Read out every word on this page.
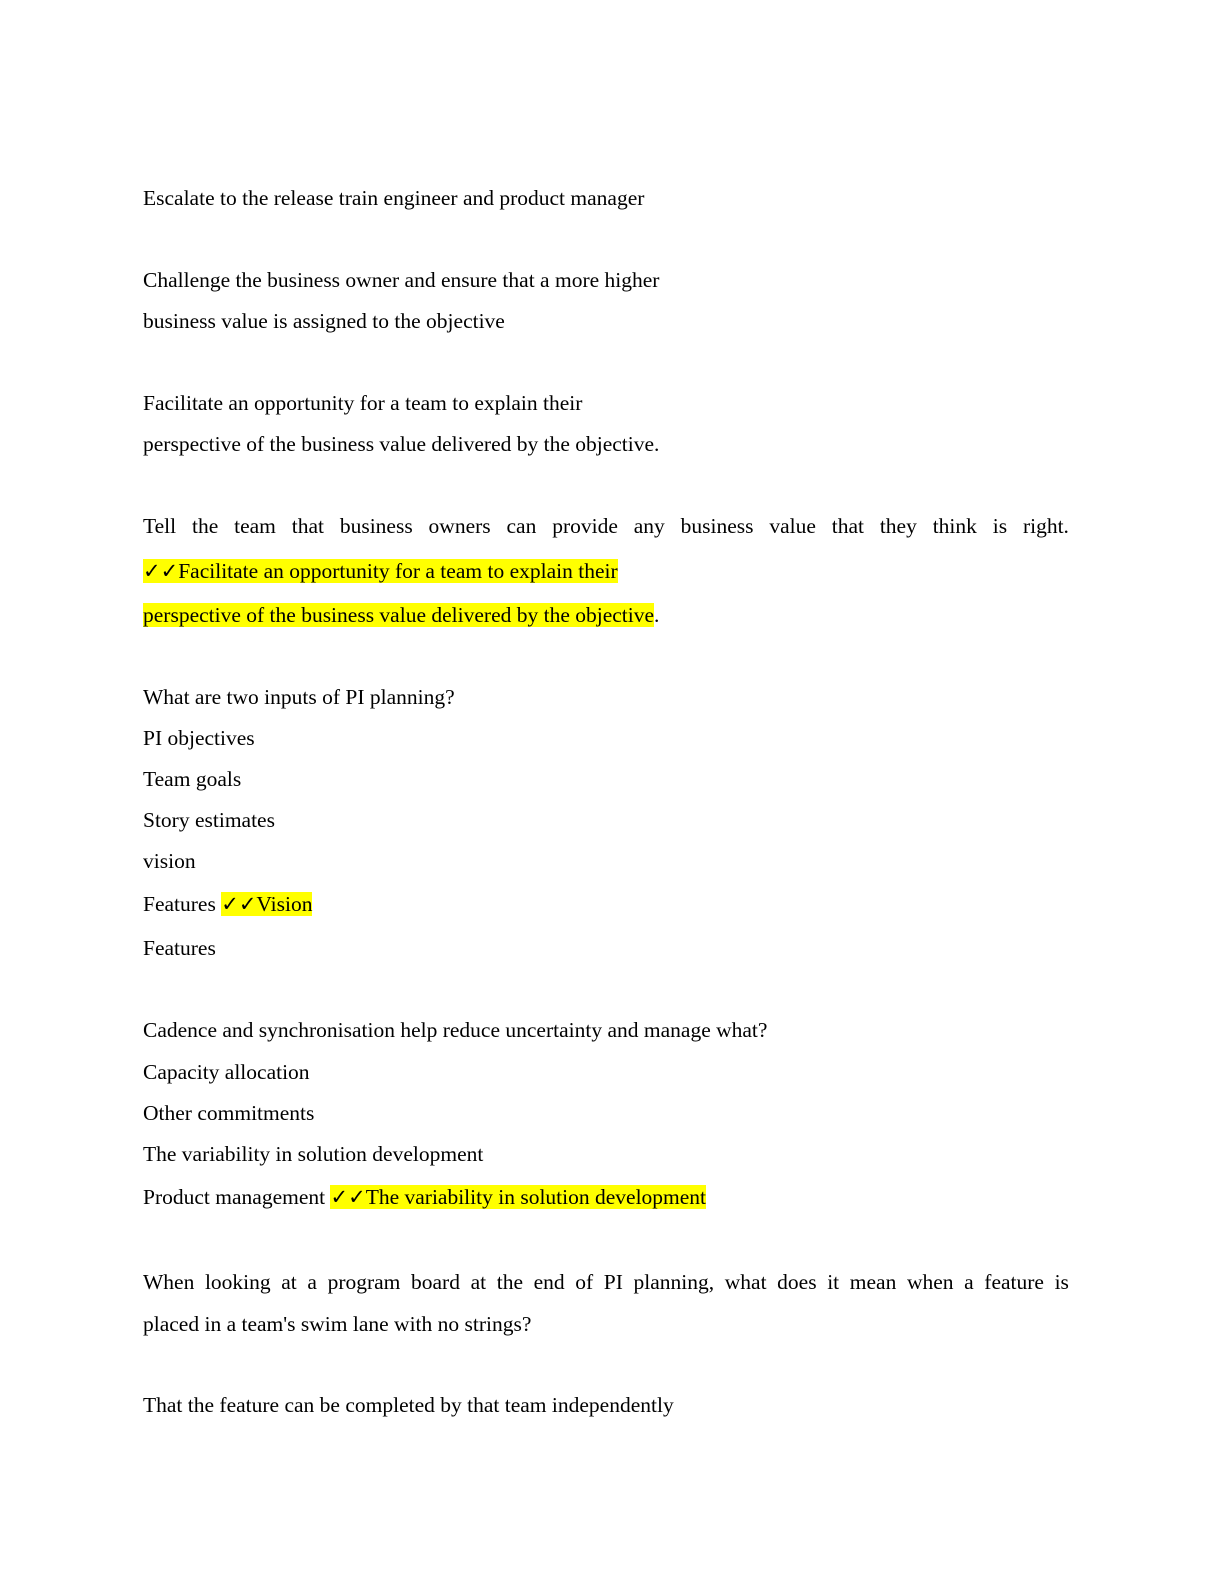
Escalate to the release train engineer and product manager
Challenge the business owner and ensure that a more higher
business value is assigned to the objective
Facilitate an opportunity for a team to explain their
perspective of the business value delivered by the objective.
Tell the team that business owners can provide any business value that they think is right.
✓✓Facilitate an opportunity for a team to explain their
perspective of the business value delivered by the objective.
What are two inputs of PI planning?
PI objectives
Team goals
Story estimates
vision
Features ✓✓Vision
Features
Cadence and synchronisation help reduce uncertainty and manage what?
Capacity allocation
Other commitments
The variability in solution development
Product management ✓✓The variability in solution development
When looking at a program board at the end of PI planning, what does it mean when a feature is
placed in a team's swim lane with no strings?
That the feature can be completed by that team independently
